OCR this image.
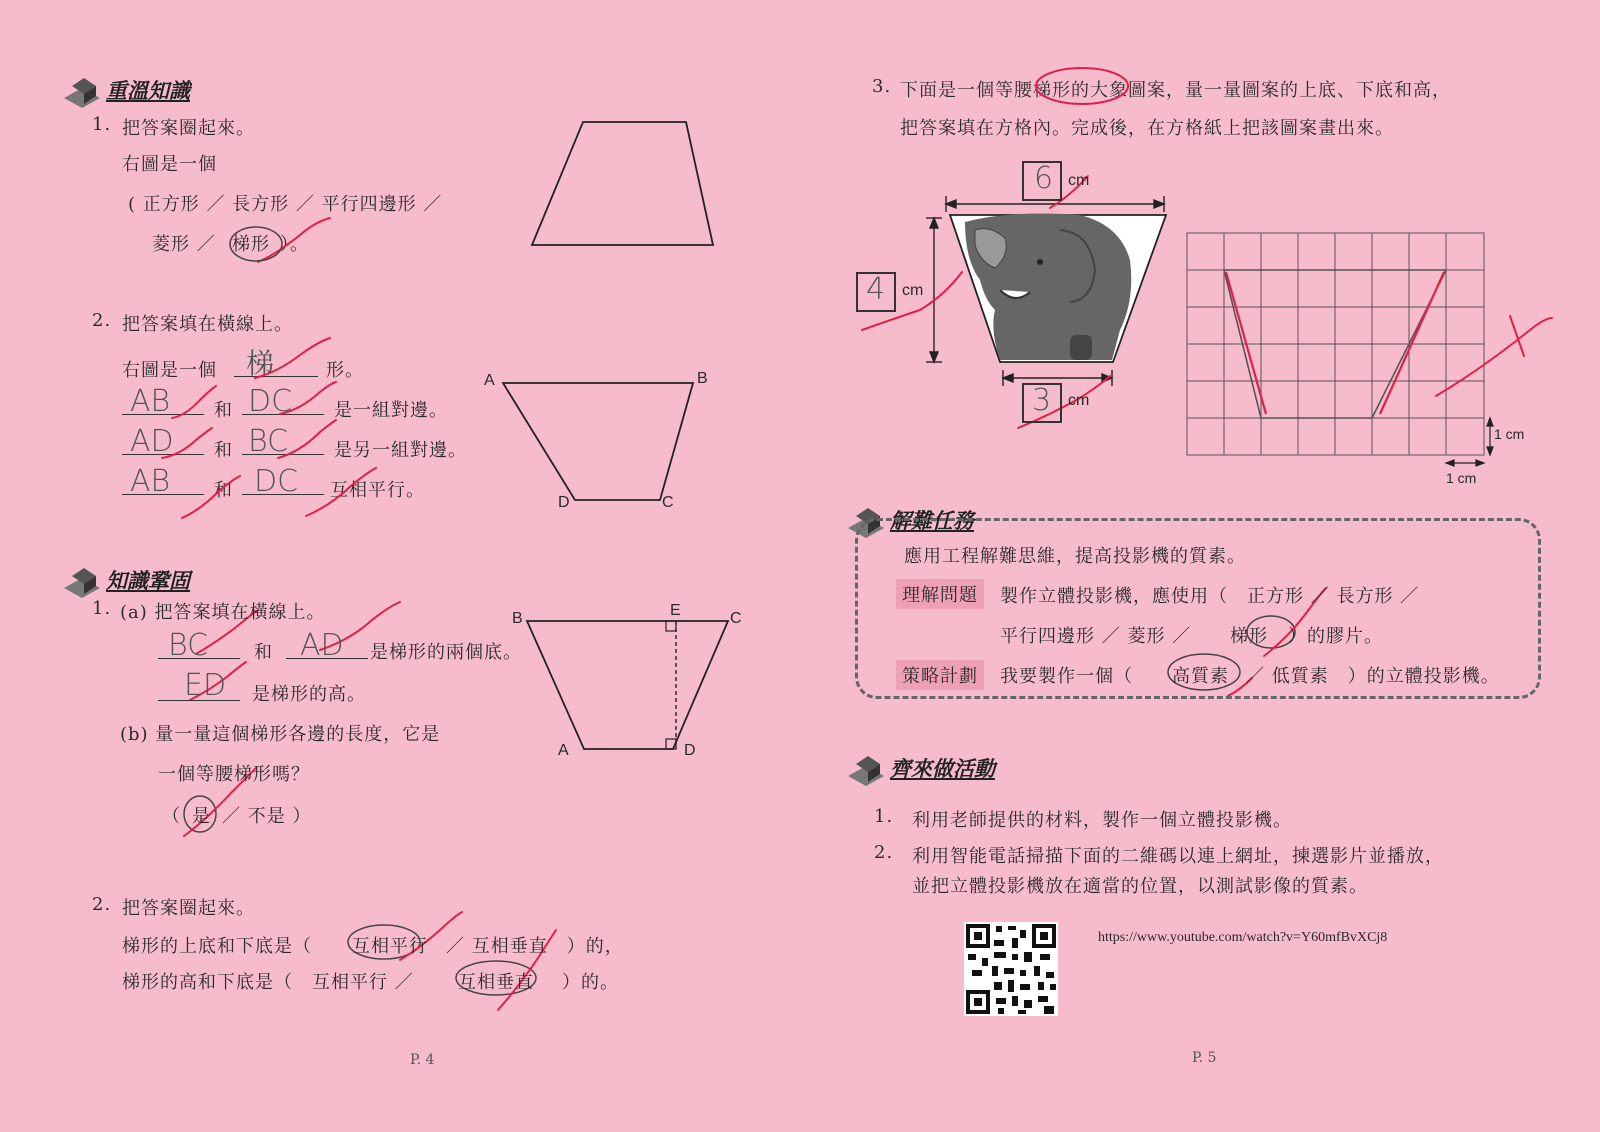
重溫知識
1. 把答案圈起來。
右圖是一個
( 正方形 ／ 長方形 ／ 平行四邊形 ／
菱形 ／ 梯形 ）。
2. 把答案填在橫線上。
右圖是一個 梯	形。
AB 和 DC 是一組對邊。
AD 和 BC	是另一組對邊。
AB 和 DC 互相平行。
A	B
D	C
知識鞏固
1. (a) 把答案填在橫線上。
BC	和 AD 是梯形的兩個底。
ED 是梯形的高。
(b) 量一量這個梯形各邊的長度，它是
一個等腰梯形嗎？
（ 是 ／ 不是 ）
B	E	C
A	D
2. 把答案圈起來。
梯形的上底和下底是（ 互相平行 ／ 互相垂直　）的，
梯形的高和下底是（　互相平行 ／ 互相垂直 ）的。
P. 4
3. 下面是一個等腰梯形的大象圖案，量一量圖案的上底、下底和高，
把答案填在方格內。完成後，在方格紙上把該圖案畫出來。
6 cm
4 cm
3 cm
1 cm
1 cm
解難任務
應用工程解難思維，提高投影機的質素。
理解問題	製作立體投影機，應使用（　正方形 ／ 長方形 ／
平行四邊形 ／ 菱形 ／ 梯形 ）的膠片。
策略計劃	我要製作一個（ 高質素 ／ 低質素　）的立體投影機。
齊來做活動
1. 利用老師提供的材料，製作一個立體投影機。
2. 利用智能電話掃描下面的二維碼以連上網址，揀選影片並播放，
並把立體投影機放在適當的位置，以測試影像的質素。
https://www.youtube.com/watch?v=Y60mfBvXCj8
P. 5
